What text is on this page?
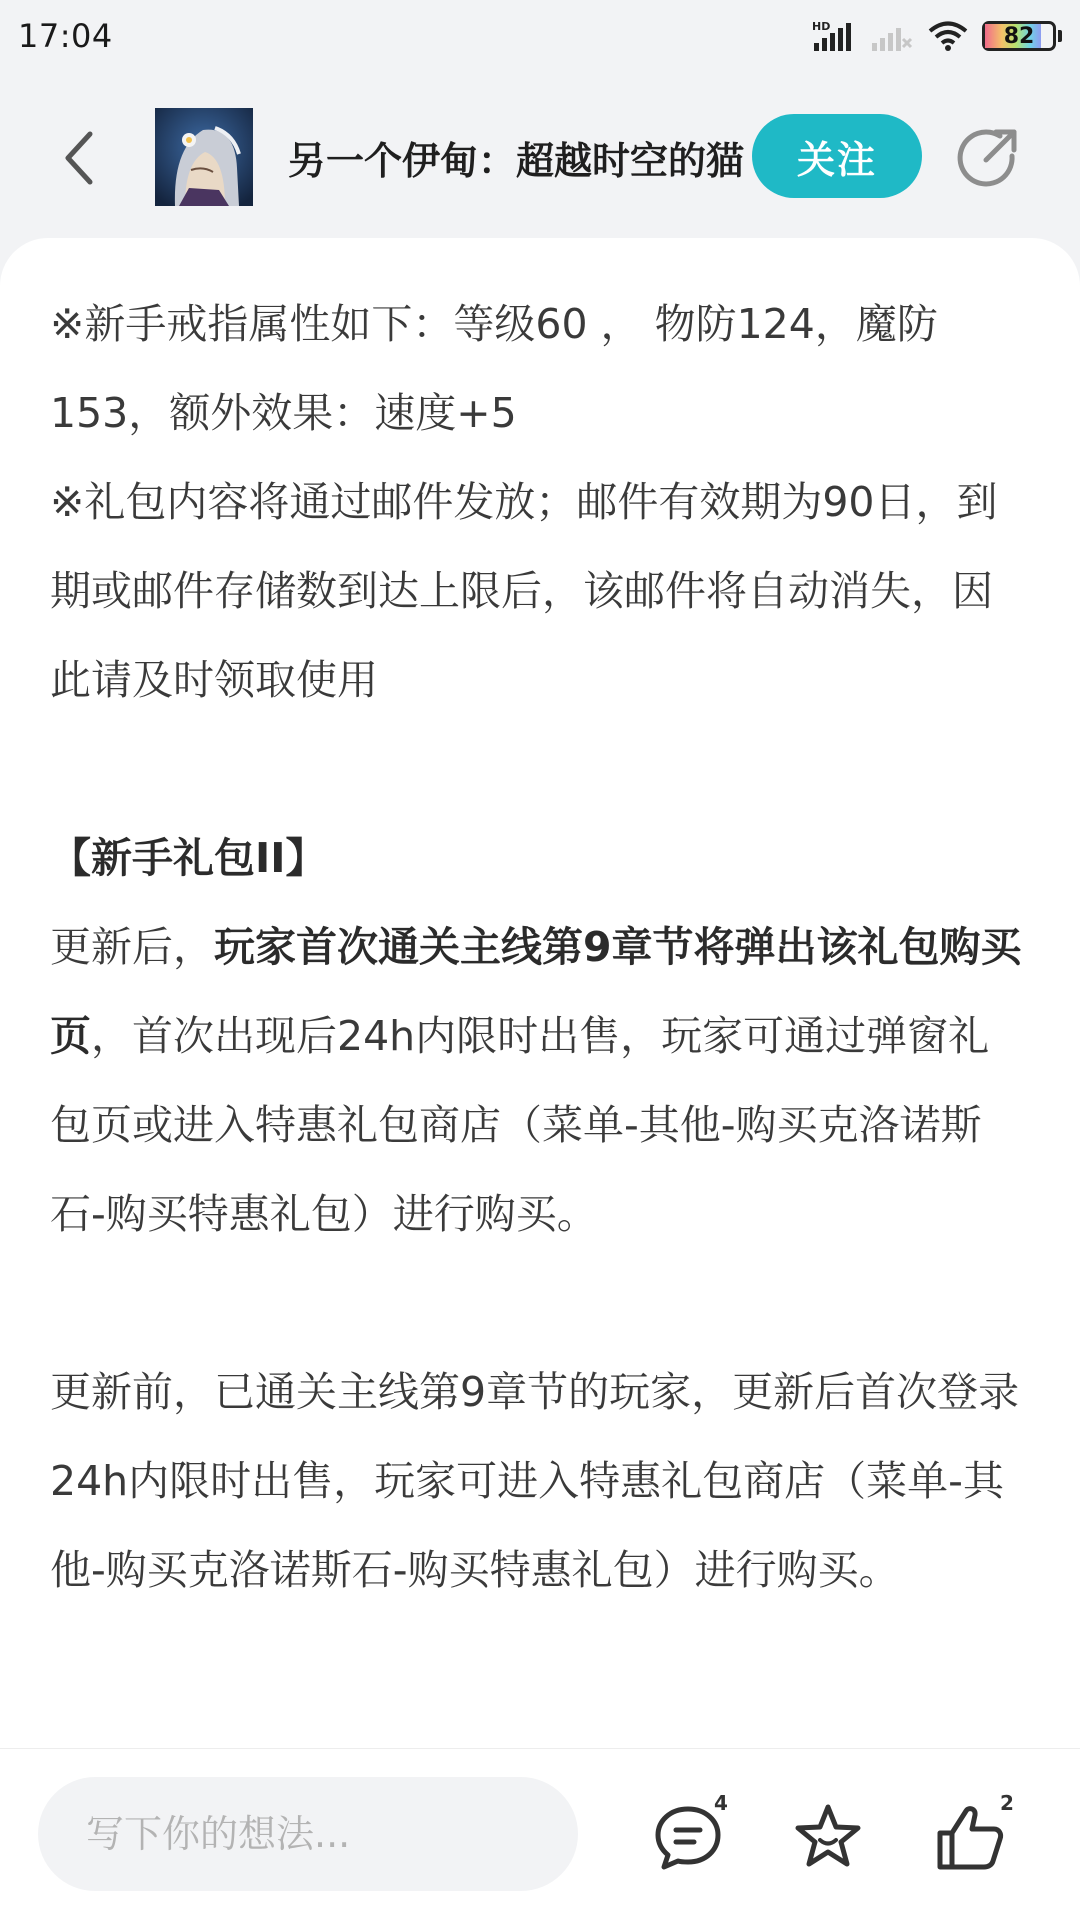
17:04	HD	82
另一个伊甸：超越时空的猫	关注

※新手戒指属性如下：等级60 ， 物防124，魔防153，额外效果：速度+5

※礼包内容将通过邮件发放；邮件有效期为90日，到期或邮件存储数到达上限后，该邮件将自动消失，因此请及时领取使用

【新手礼包II】

更新后，玩家首次通关主线第9章节将弹出该礼包购买页，首次出现后24h内限时出售，玩家可通过弹窗礼包页或进入特惠礼包商店（菜单-其他-购买克洛诺斯石-购买特惠礼包）进行购买。

更新前，已通关主线第9章节的玩家，更新后首次登录24h内限时出售，玩家可进入特惠礼包商店（菜单-其他-购买克洛诺斯石-购买特惠礼包）进行购买。

写下你的想法...
4	2
